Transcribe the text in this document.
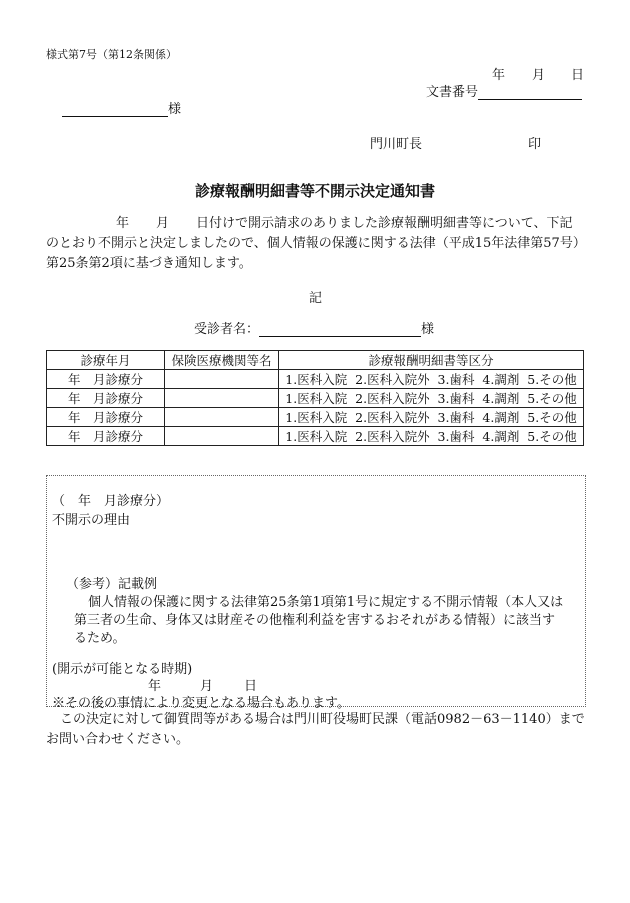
様式第7号（第12条関係）
年 月 日
文書番号
様
門川町長	印
診療報酬明細書等不開示決定通知書
年 月 日付けで開示請求のありました診療報酬明細書等について、下記
のとおり不開示と決定しましたので、個人情報の保護に関する法律（平成15年法律第57号）
第25条第2項に基づき通知します。
記
受診者名：	様
診療年月	保険医療機関等名	診療報酬明細書等区分
年　月診療分		1.医科入院  2.医科入院外  3.歯科  4.調剤  5.その他
年　月診療分		1.医科入院  2.医科入院外  3.歯科  4.調剤  5.その他
年　月診療分		1.医科入院  2.医科入院外  3.歯科  4.調剤  5.その他
年　月診療分		1.医科入院  2.医科入院外  3.歯科  4.調剤  5.その他
（　年　月診療分）
不開示の理由
（参考）記載例
個人情報の保護に関する法律第25条第1項第1号に規定する不開示情報（本人又は
第三者の生命、身体又は財産その他権利利益を害するおそれがある情報）に該当す
るため。
(開示が可能となる時期)
年	月 日
※その後の事情により変更となる場合もあります。
この決定に対して御質問等がある場合は門川町役場町民課（電話0982－63－1140）まで
お問い合わせください。
